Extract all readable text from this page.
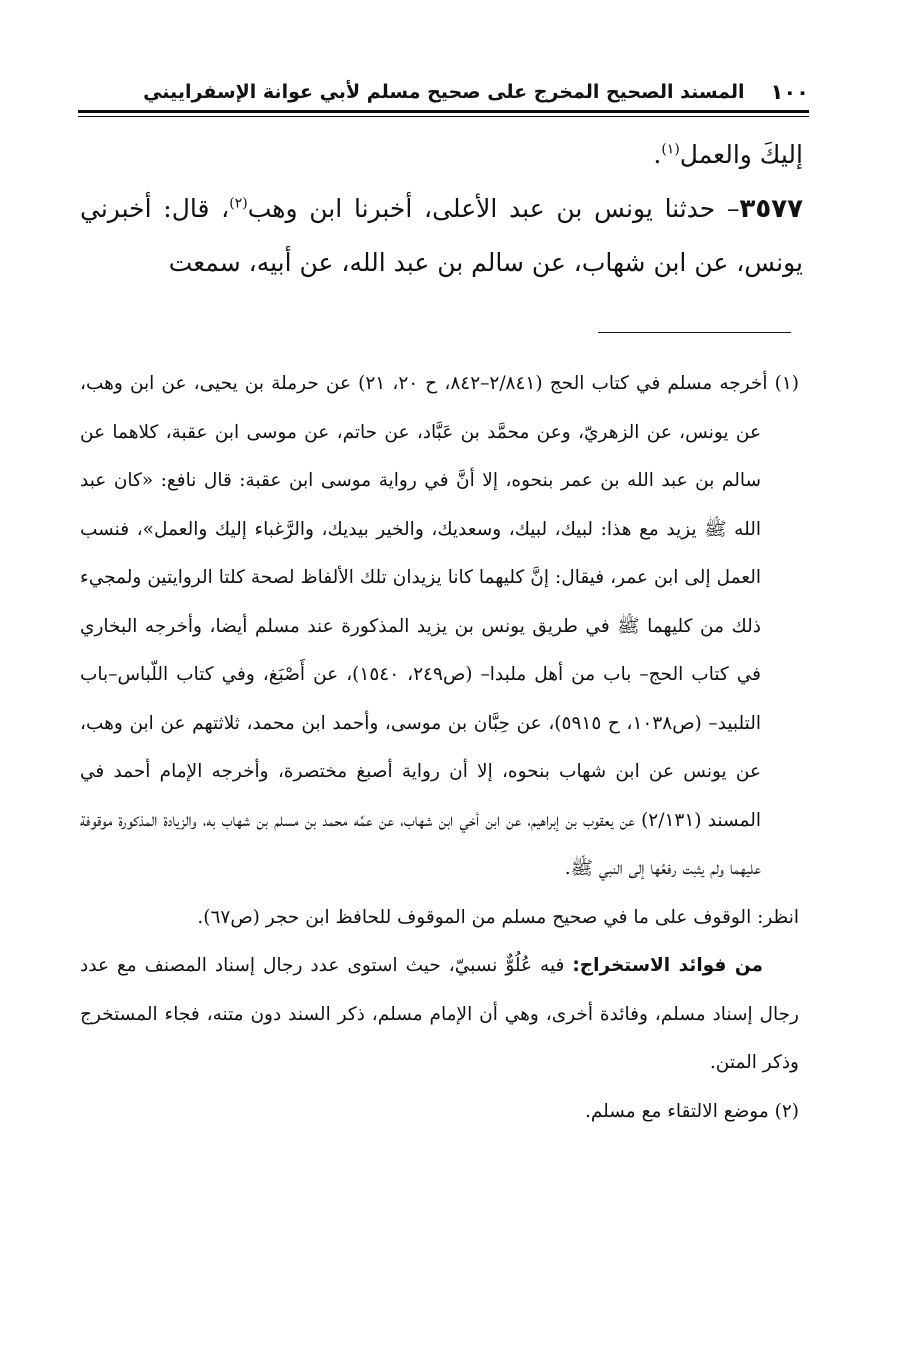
١٠٠
المسند الصحيح المخرج على صحيح مسلم لأبي عوانة الإسفراييني

إليكَ والعمل$^{(١)}$.

٣٥٧٧– حدثنا يونس بن عبد الأعلى، أخبرنا ابن وهب$^{(٢)}$، قال: أخبرني يونس، عن ابن شهاب، عن سالم بن عبد الله، عن أبيه، سمعت

(١) أخرجه مسلم في كتاب الحج (٢/٨٤١–٨٤٢، ح ٢٠، ٢١) عن حرملة بن يحيى، عن ابن وهب، عن يونس، عن الزهريّ، وعن محمَّد بن عَبَّاد، عن حاتم، عن موسى ابن عقبة، كلاهما عن سالم بن عبد الله بن عمر بنحوه، إلا أنَّ في رواية موسى ابن عقبة: قال نافع: «كان عبد الله ﷺ يزيد مع هذا: لبيك، لبيك، وسعديك، والخير بيديك، والرَّغباء إليك والعمل»، فنسب العمل إلى ابن عمر، فيقال: إنَّ كليهما كانا يزيدان تلك الألفاظ لصحة كلتا الروايتين ولمجيء ذلك من كليهما ﷺ في طريق يونس بن يزيد المذكورة عند مسلم أيضا، وأخرجه البخاري في كتاب الحج– باب من أهل ملبدا– (ص٢٤٩، ١٥٤٠)، عن أَصْبَغ، وفي كتاب اللّباس–باب التلبيد– (ص١٠٣٨، ح ٥٩١٥)، عن حِبَّان بن موسى، وأحمد ابن محمد، ثلاثتهم عن ابن وهب، عن يونس عن ابن شهاب بنحوه، إلا أن رواية أصبغ مختصرة، وأخرجه الإمام أحمد في المسند (٢/١٣١) عن يعقوب بن إبراهيم، عن ابن أخي ابن شهاب، عن عمِّه محمد بن مسلم بن شهاب به، والزيادة المذكورة موقوفة عليهما ولم يثبت رفعُها إلى النبي ﷺ.

انظر: الوقوف على ما في صحيح مسلم من الموقوف للحافظ ابن حجر (ص٦٧).

من فوائد الاستخراج: فيه عُلُوٌّ نسبيّ، حيث استوى عدد رجال إسناد المصنف مع عدد رجال إسناد مسلم، وفائدة أخرى، وهي أن الإمام مسلم، ذكر السند دون متنه، فجاء المستخرج وذكر المتن.

(٢) موضع الالتقاء مع مسلم.
